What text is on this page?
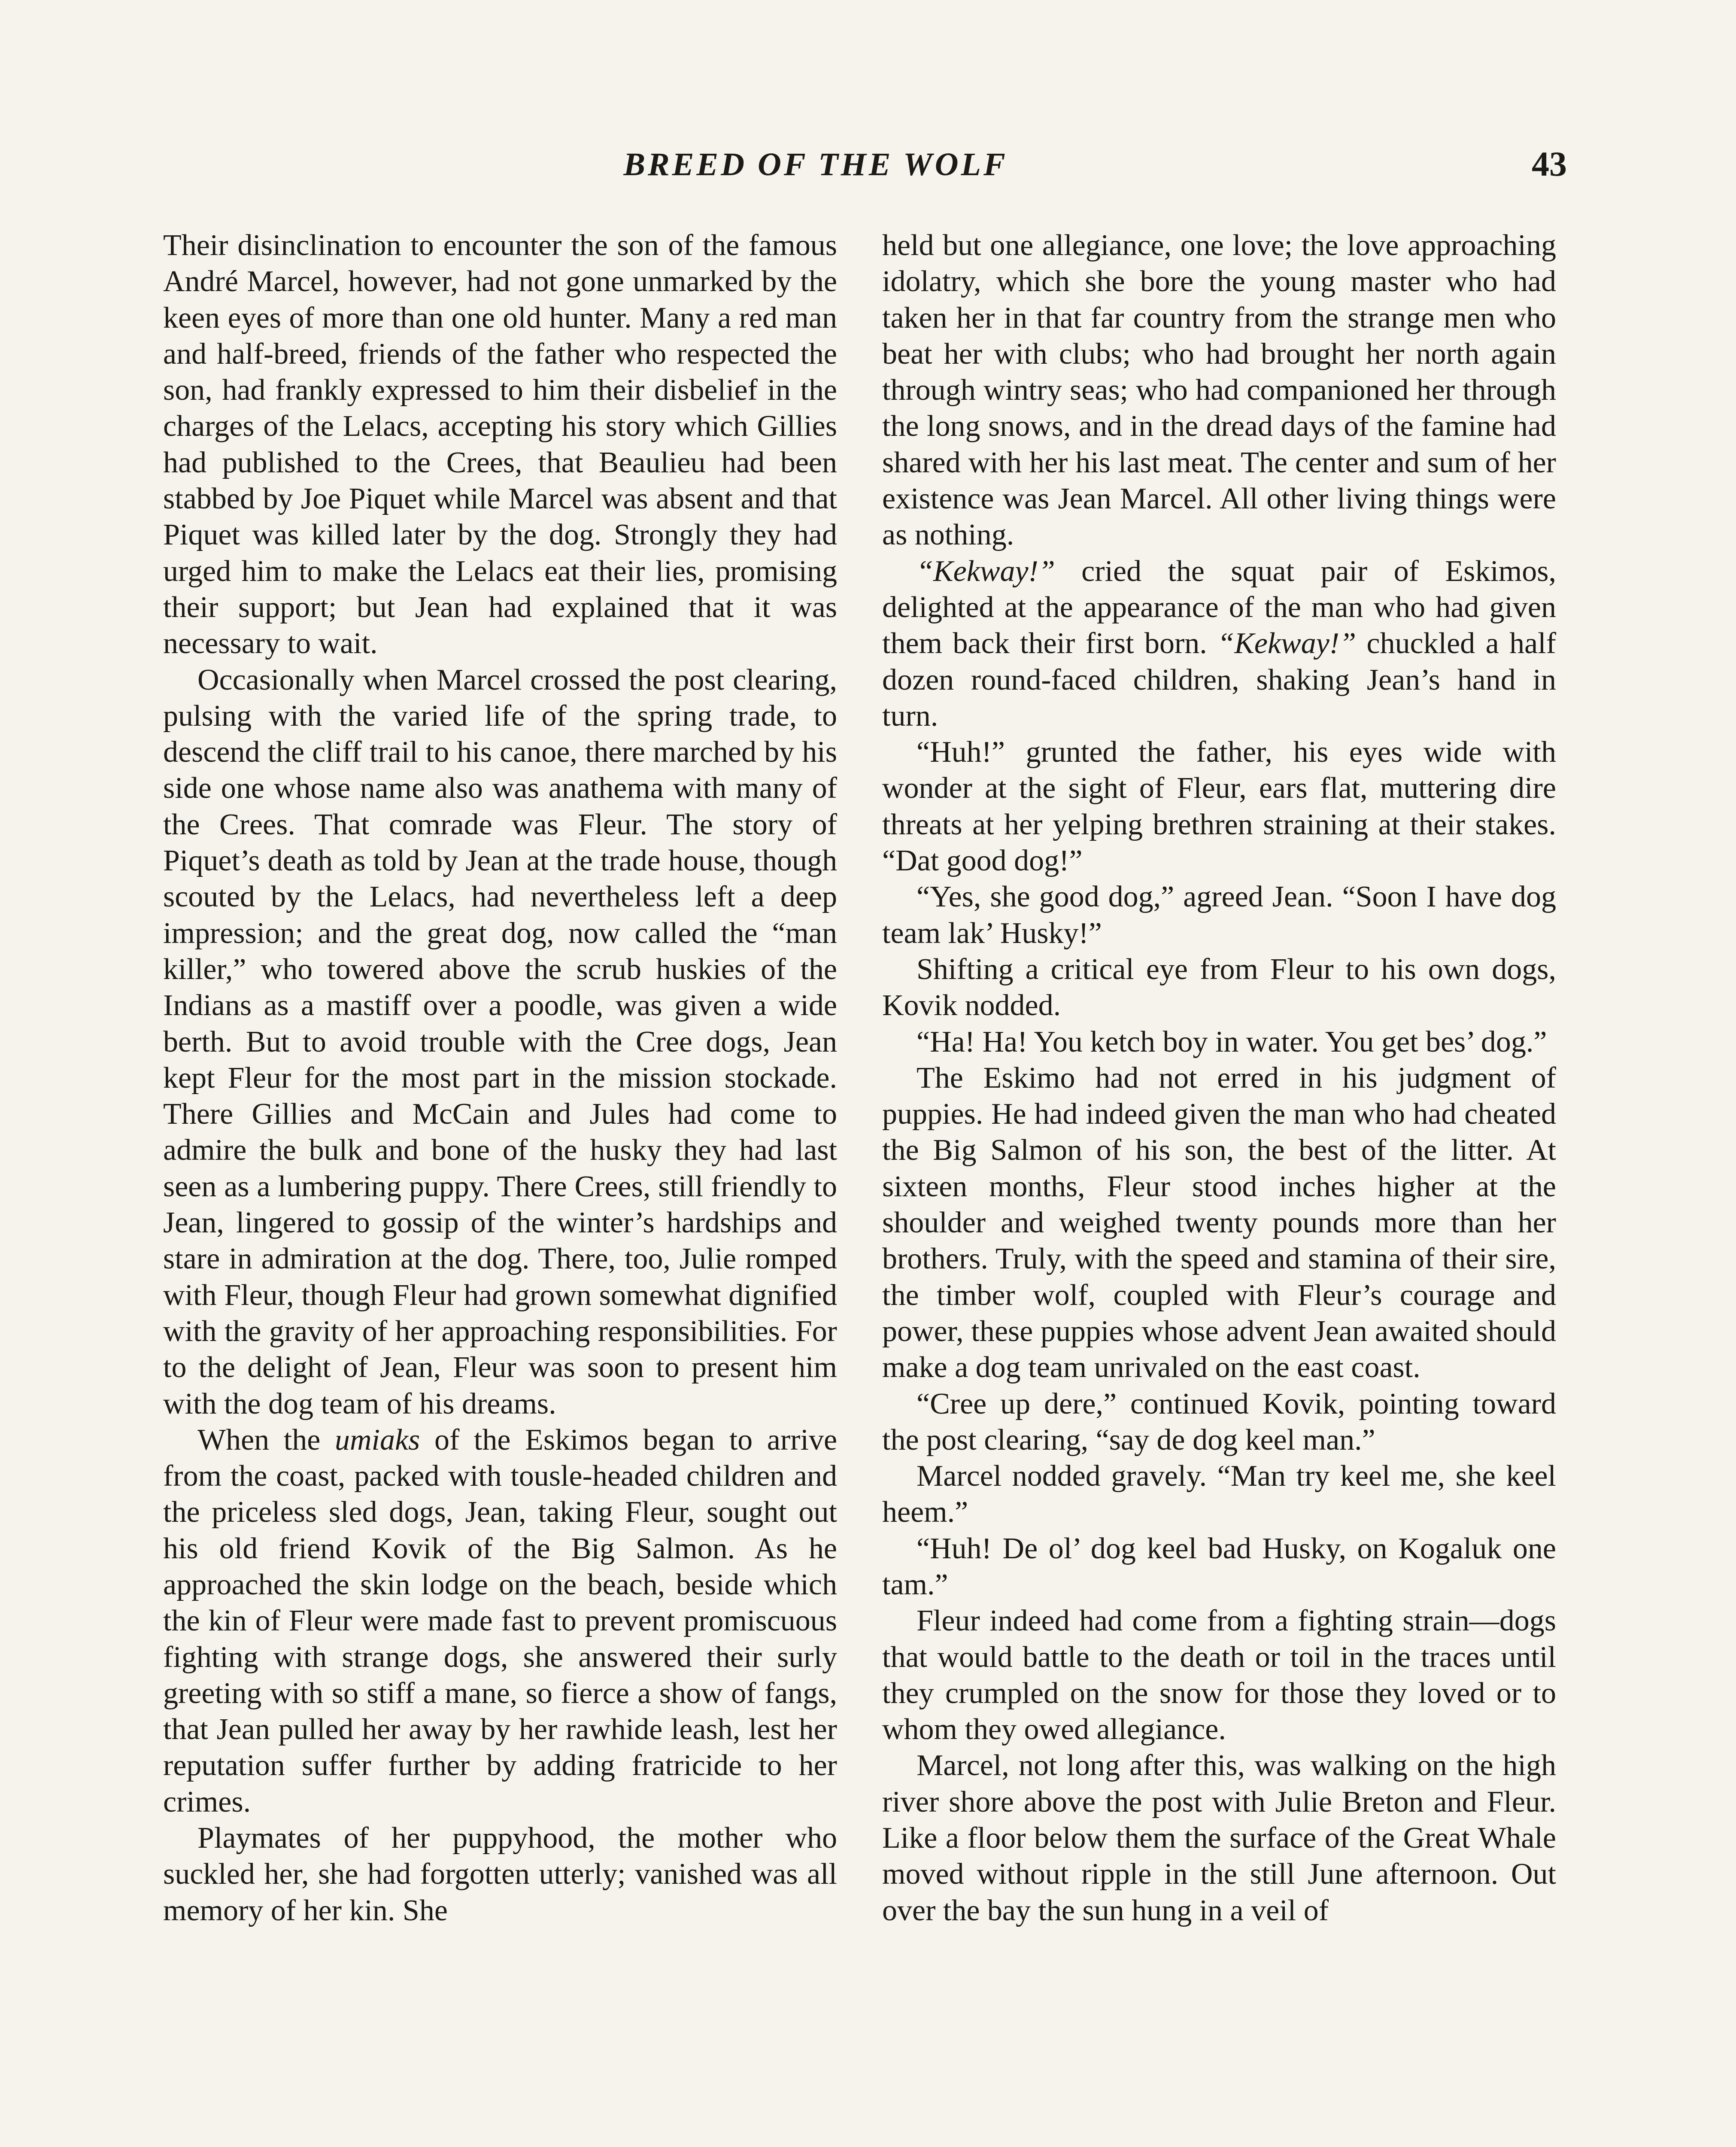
BREED OF THE WOLF	43

Their disinclination to encounter the son of the famous André Marcel, however, had not gone unmarked by the keen eyes of more than one old hunter. Many a red man and half-breed, friends of the father who respected the son, had frankly expressed to him their disbelief in the charges of the Lelacs, accepting his story which Gillies had published to the Crees, that Beaulieu had been stabbed by Joe Piquet while Marcel was absent and that Piquet was killed later by the dog. Strongly they had urged him to make the Lelacs eat their lies, promising their support; but Jean had explained that it was necessary to wait.

Occasionally when Marcel crossed the post clearing, pulsing with the varied life of the spring trade, to descend the cliff trail to his canoe, there marched by his side one whose name also was anathema with many of the Crees. That comrade was Fleur. The story of Piquet’s death as told by Jean at the trade house, though scouted by the Lelacs, had nevertheless left a deep impression; and the great dog, now called the “man killer,” who towered above the scrub huskies of the Indians as a mastiff over a poodle, was given a wide berth. But to avoid trouble with the Cree dogs, Jean kept Fleur for the most part in the mission stockade. There Gillies and McCain and Jules had come to admire the bulk and bone of the husky they had last seen as a lumbering puppy. There Crees, still friendly to Jean, lingered to gossip of the winter’s hardships and stare in admiration at the dog. There, too, Julie romped with Fleur, though Fleur had grown somewhat dignified with the gravity of her approaching responsibilities. For to the delight of Jean, Fleur was soon to present him with the dog team of his dreams.

When the umiaks of the Eskimos began to arrive from the coast, packed with tousle-headed children and the priceless sled dogs, Jean, taking Fleur, sought out his old friend Kovik of the Big Salmon. As he approached the skin lodge on the beach, beside which the kin of Fleur were made fast to prevent promiscuous fighting with strange dogs, she answered their surly greeting with so stiff a mane, so fierce a show of fangs, that Jean pulled her away by her rawhide leash, lest her reputation suffer further by adding fratricide to her crimes.

Playmates of her puppyhood, the mother who suckled her, she had forgotten utterly; vanished was all memory of her kin. She

held but one allegiance, one love; the love approaching idolatry, which she bore the young master who had taken her in that far country from the strange men who beat her with clubs; who had brought her north again through wintry seas; who had companioned her through the long snows, and in the dread days of the famine had shared with her his last meat. The center and sum of her existence was Jean Marcel. All other living things were as nothing.

“Kekway!” cried the squat pair of Eskimos, delighted at the appearance of the man who had given them back their first born. “Kekway!” chuckled a half dozen round-faced children, shaking Jean’s hand in turn.

“Huh!” grunted the father, his eyes wide with wonder at the sight of Fleur, ears flat, muttering dire threats at her yelping brethren straining at their stakes. “Dat good dog!”

“Yes, she good dog,” agreed Jean. “Soon I have dog team lak’ Husky!”

Shifting a critical eye from Fleur to his own dogs, Kovik nodded.

“Ha! Ha! You ketch boy in water. You get bes’ dog.”

The Eskimo had not erred in his judgment of puppies. He had indeed given the man who had cheated the Big Salmon of his son, the best of the litter. At sixteen months, Fleur stood inches higher at the shoulder and weighed twenty pounds more than her brothers. Truly, with the speed and stamina of their sire, the timber wolf, coupled with Fleur’s courage and power, these puppies whose advent Jean awaited should make a dog team unrivaled on the east coast.

“Cree up dere,” continued Kovik, pointing toward the post clearing, “say de dog keel man.”

Marcel nodded gravely. “Man try keel me, she keel heem.”

“Huh! De ol’ dog keel bad Husky, on Kogaluk one tam.”

Fleur indeed had come from a fighting strain—dogs that would battle to the death or toil in the traces until they crumpled on the snow for those they loved or to whom they owed allegiance.

Marcel, not long after this, was walking on the high river shore above the post with Julie Breton and Fleur. Like a floor below them the surface of the Great Whale moved without ripple in the still June afternoon. Out over the bay the sun hung in a veil of
